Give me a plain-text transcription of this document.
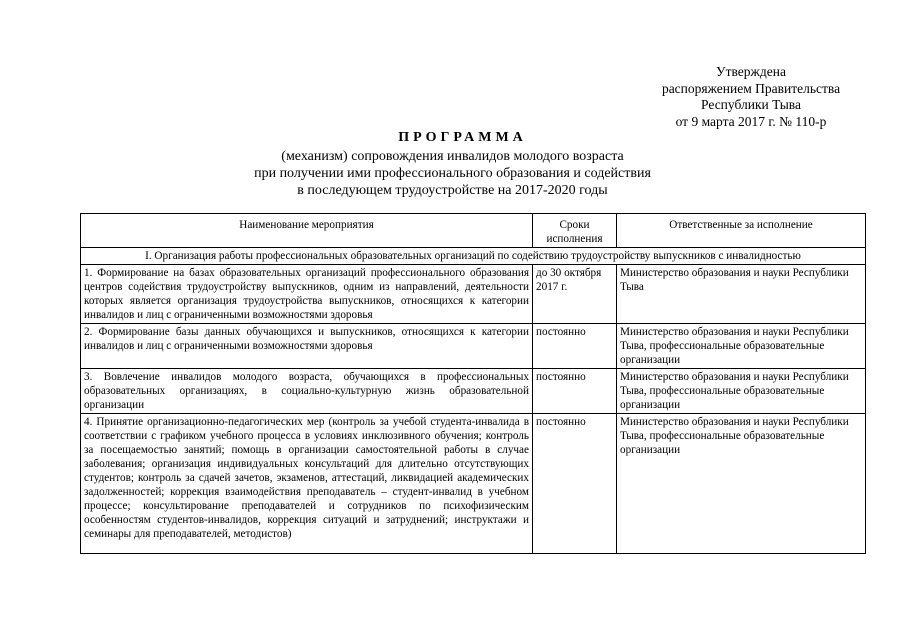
Утверждена
распоряжением Правительства
Республики Тыва
от 9 марта 2017 г. № 110-р
ПРОГРАММА
(механизм) сопровождения инвалидов молодого возраста
при получении ими профессионального образования и содействия
в последующем трудоустройстве на 2017-2020 годы
Наименование мероприятия	Сроки исполнения	Ответственные за исполнение
I. Организация работы профессиональных образовательных организаций по содействию трудоустройству выпускников с инвалидностью		
1. Формирование на базах образовательных организаций профессионального образования центров содействия трудоустройству выпускников, одним из направлений, деятельности которых является организация трудоустройства выпускников, относящихся к категории инвалидов и лиц с ограниченными возможностями здоровья	до 30 октября 2017 г.	Министерство образования и науки Республики Тыва
2. Формирование базы данных обучающихся и выпускников, относящихся к категории инвалидов и лиц с ограниченными возможностями здоровья	постоянно	Министерство образования и науки Республики Тыва, профессиональные образовательные организации
3. Вовлечение инвалидов молодого возраста, обучающихся в профессиональных образовательных организациях, в социально-культурную жизнь образовательной организации	постоянно	Министерство образования и науки Республики Тыва, профессиональные образовательные организации
4. Принятие организационно-педагогических мер (контроль за учебой студента-инвалида в соответствии с графиком учебного процесса в условиях инклюзивного обучения; контроль за посещаемостью занятий; помощь в организации самостоятельной работы в случае заболевания; организация индивидуальных консультаций для длительно отсутствующих студентов; контроль за сдачей зачетов, экзаменов, аттестаций, ликвидацией академических задолженностей; коррекция взаимодействия преподаватель – студент-инвалид в учебном процессе; консультирование преподавателей и сотрудников по психофизическим особенностям студентов-инвалидов, коррекция ситуаций и затруднений; инструктажи и семинары для преподавателей, методистов)	постоянно	Министерство образования и науки Республики Тыва, профессиональные образовательные организации
